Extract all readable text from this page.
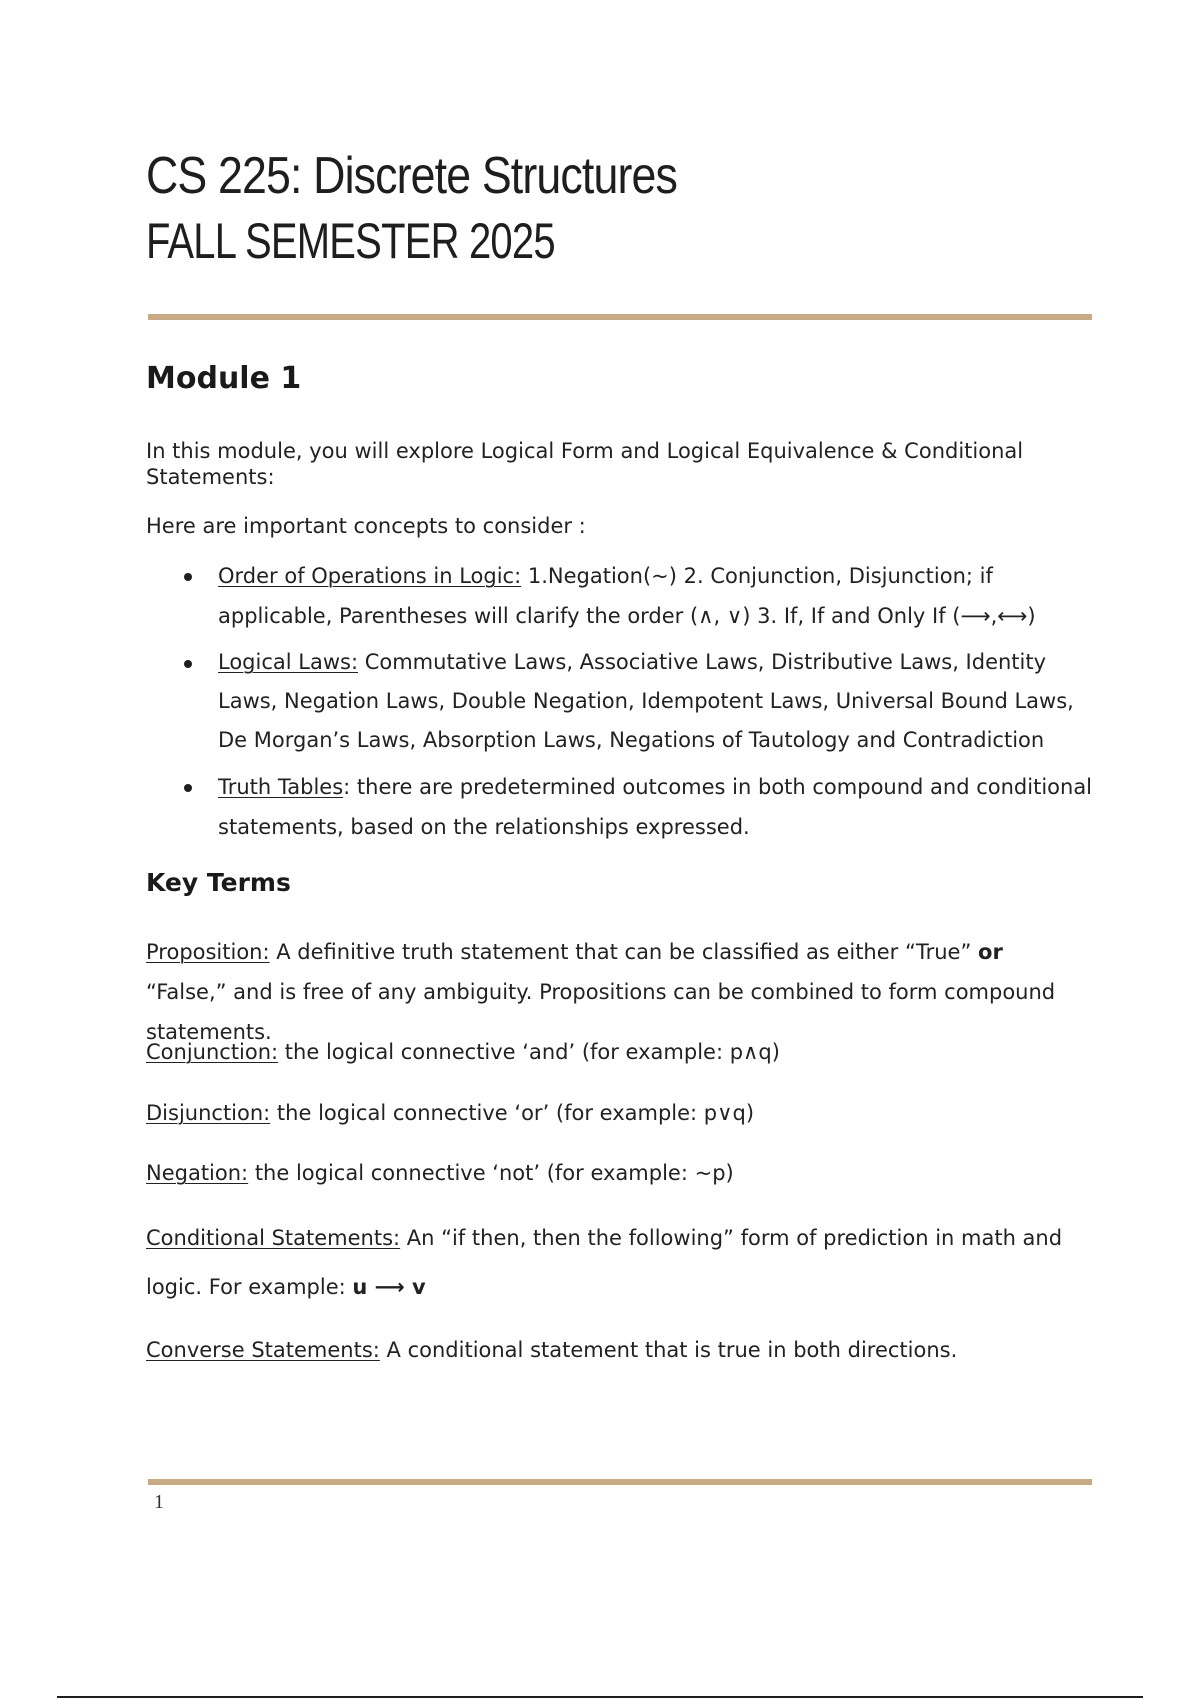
CS 225: Discrete Structures
FALL SEMESTER 2025
Module 1

In this module, you will explore Logical Form and Logical Equivalence & Conditional Statements:

Here are important concepts to consider :

Order of Operations in Logic: 1.Negation(~) 2. Conjunction, Disjunction; if applicable, Parentheses will clarify the order (∧, ∨) 3. If, If and Only If (⟶,⟷)
Logical Laws: Commutative Laws, Associative Laws, Distributive Laws, Identity Laws, Negation Laws, Double Negation, Idempotent Laws, Universal Bound Laws, De Morgan’s Laws, Absorption Laws, Negations of Tautology and Contradiction
Truth Tables: there are predetermined outcomes in both compound and conditional statements, based on the relationships expressed.
Key Terms

Proposition: A definitive truth statement that can be classified as either “True” or “False,” and is free of any ambiguity. Propositions can be combined to form compound statements.

Conjunction: the logical connective ‘and’ (for example: p∧q)

Disjunction: the logical connective ‘or’ (for example: p∨q)

Negation: the logical connective ‘not’ (for example: ~p)

Conditional Statements: An “if then, then the following” form of prediction in math and logic. For example: u ⟶ v

Converse Statements: A conditional statement that is true in both directions.

1
